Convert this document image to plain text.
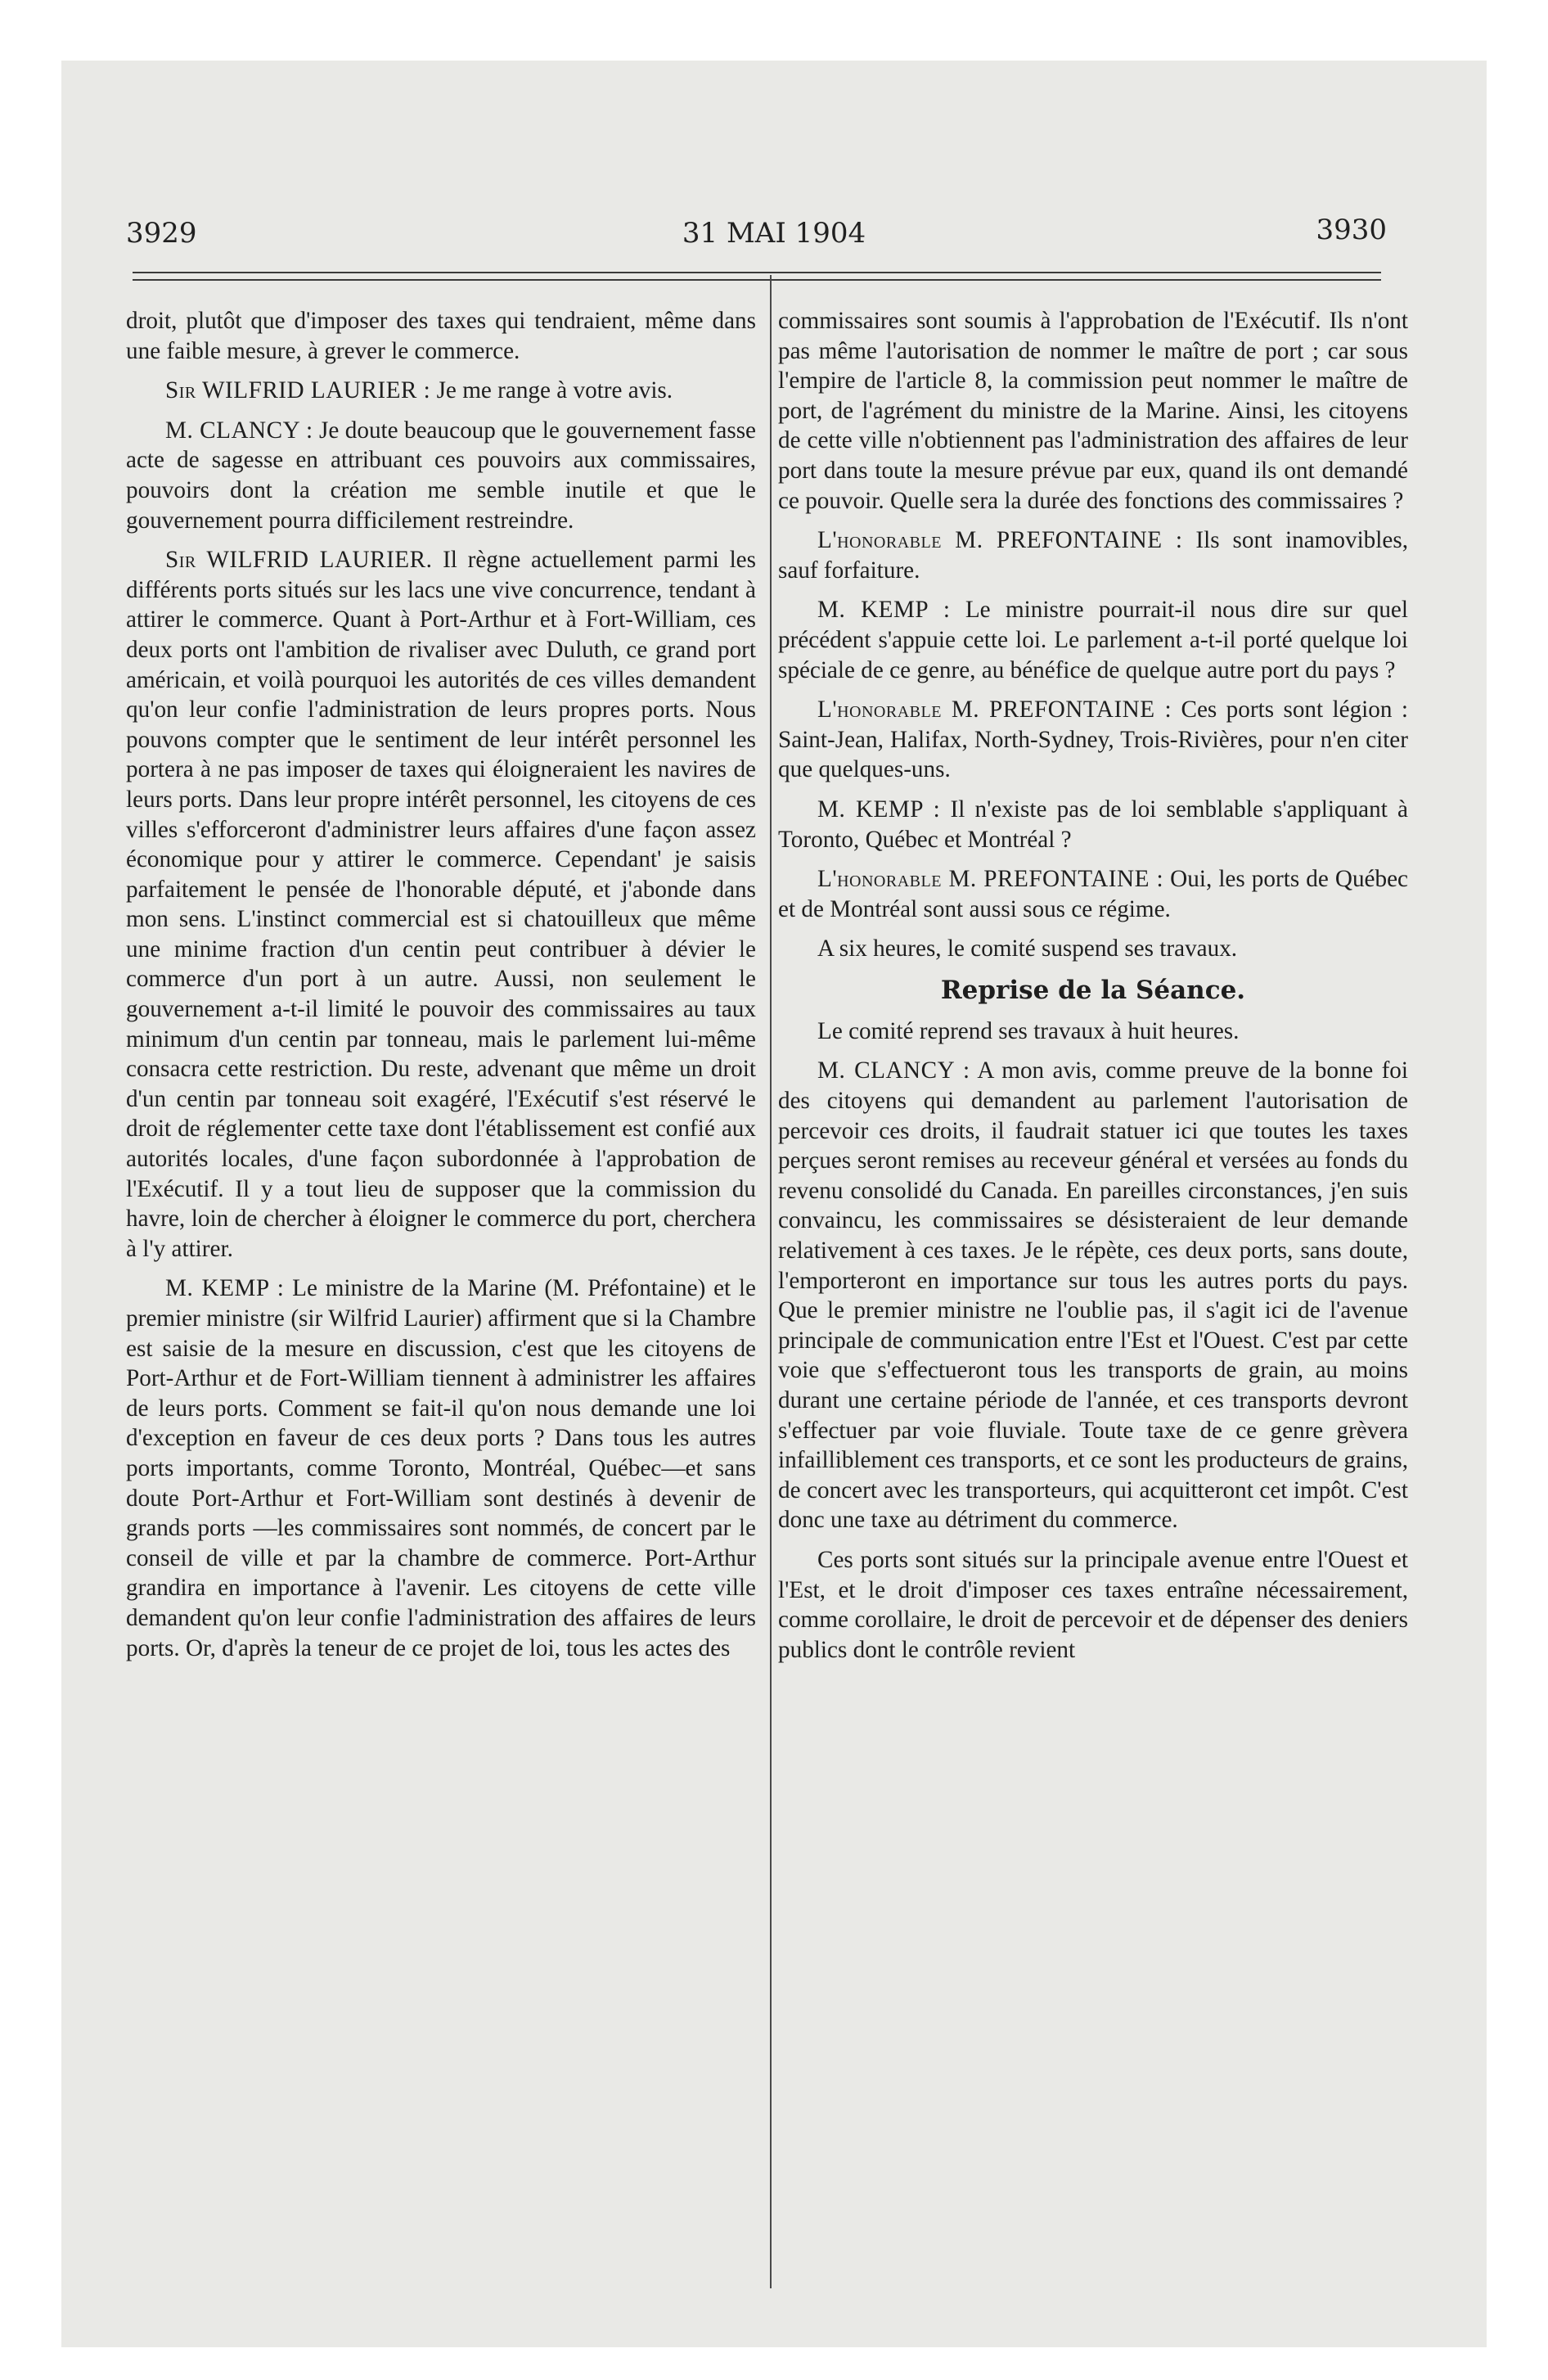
3929	31 MAI 1904	3930

droit, plutôt que d'imposer des taxes qui tendraient, même dans une faible mesure, à grever le commerce.

Sir WILFRID LAURIER : Je me range à votre avis.

M. CLANCY : Je doute beaucoup que le gouvernement fasse acte de sagesse en attribuant ces pouvoirs aux commissaires, pouvoirs dont la création me semble inutile et que le gouvernement pourra difficilement restreindre.

Sir WILFRID LAURIER. Il règne actuellement parmi les différents ports situés sur les lacs une vive concurrence, tendant à attirer le commerce. Quant à Port-Arthur et à Fort-William, ces deux ports ont l'ambition de rivaliser avec Duluth, ce grand port américain, et voilà pourquoi les autorités de ces villes demandent qu'on leur confie l'administration de leurs propres ports. Nous pouvons compter que le sentiment de leur intérêt personnel les portera à ne pas imposer de taxes qui éloigneraient les navires de leurs ports. Dans leur propre intérêt personnel, les citoyens de ces villes s'efforceront d'administrer leurs affaires d'une façon assez économique pour y attirer le commerce. Cependant' je saisis parfaitement le pensée de l'honorable député, et j'abonde dans mon sens. L'instinct commercial est si chatouilleux que même une minime fraction d'un centin peut contribuer à dévier le commerce d'un port à un autre. Aussi, non seulement le gouvernement a-t-il limité le pouvoir des commissaires au taux minimum d'un centin par tonneau, mais le parlement lui-même consacra cette restriction. Du reste, advenant que même un droit d'un centin par tonneau soit exagéré, l'Exécutif s'est réservé le droit de réglementer cette taxe dont l'établissement est confié aux autorités locales, d'une façon subordonnée à l'approbation de l'Exécutif. Il y a tout lieu de supposer que la commission du havre, loin de chercher à éloigner le commerce du port, cherchera à l'y attirer.

M. KEMP : Le ministre de la Marine (M. Préfontaine) et le premier ministre (sir Wilfrid Laurier) affirment que si la Chambre est saisie de la mesure en discussion, c'est que les citoyens de Port-Arthur et de Fort-William tiennent à administrer les affaires de leurs ports. Comment se fait-il qu'on nous demande une loi d'exception en faveur de ces deux ports ? Dans tous les autres ports importants, comme Toronto, Montréal, Québec—et sans doute Port-Arthur et Fort-William sont destinés à devenir de grands ports —les commissaires sont nommés, de concert par le conseil de ville et par la chambre de commerce. Port-Arthur grandira en importance à l'avenir. Les citoyens de cette ville demandent qu'on leur confie l'administration des affaires de leurs ports. Or, d'après la teneur de ce projet de loi, tous les actes des

commissaires sont soumis à l'approbation de l'Exécutif. Ils n'ont pas même l'autorisation de nommer le maître de port ; car sous l'empire de l'article 8, la commission peut nommer le maître de port, de l'agrément du ministre de la Marine. Ainsi, les citoyens de cette ville n'obtiennent pas l'administration des affaires de leur port dans toute la mesure prévue par eux, quand ils ont demandé ce pouvoir. Quelle sera la durée des fonctions des commissaires ?

L'honorable M. PREFONTAINE : Ils sont inamovibles, sauf forfaiture.

M. KEMP : Le ministre pourrait-il nous dire sur quel précédent s'appuie cette loi. Le parlement a-t-il porté quelque loi spéciale de ce genre, au bénéfice de quelque autre port du pays ?

L'honorable M. PREFONTAINE : Ces ports sont légion : Saint-Jean, Halifax, North-Sydney, Trois-Rivières, pour n'en citer que quelques-uns.

M. KEMP : Il n'existe pas de loi semblable s'appliquant à Toronto, Québec et Montréal ?

L'honorable M. PREFONTAINE : Oui, les ports de Québec et de Montréal sont aussi sous ce régime.

A six heures, le comité suspend ses travaux.

Reprise de la Séance.

Le comité reprend ses travaux à huit heures.

M. CLANCY : A mon avis, comme preuve de la bonne foi des citoyens qui demandent au parlement l'autorisation de percevoir ces droits, il faudrait statuer ici que toutes les taxes perçues seront remises au receveur général et versées au fonds du revenu consolidé du Canada. En pareilles circonstances, j'en suis convaincu, les commissaires se désisteraient de leur demande relativement à ces taxes. Je le répète, ces deux ports, sans doute, l'emporteront en importance sur tous les autres ports du pays. Que le premier ministre ne l'oublie pas, il s'agit ici de l'avenue principale de communication entre l'Est et l'Ouest. C'est par cette voie que s'effectueront tous les transports de grain, au moins durant une certaine période de l'année, et ces transports devront s'effectuer par voie fluviale. Toute taxe de ce genre grèvera infailliblement ces transports, et ce sont les producteurs de grains, de concert avec les transporteurs, qui acquitteront cet impôt. C'est donc une taxe au détriment du commerce.

Ces ports sont situés sur la principale avenue entre l'Ouest et l'Est, et le droit d'imposer ces taxes entraîne nécessairement, comme corollaire, le droit de percevoir et de dépenser des deniers publics dont le contrôle revient
